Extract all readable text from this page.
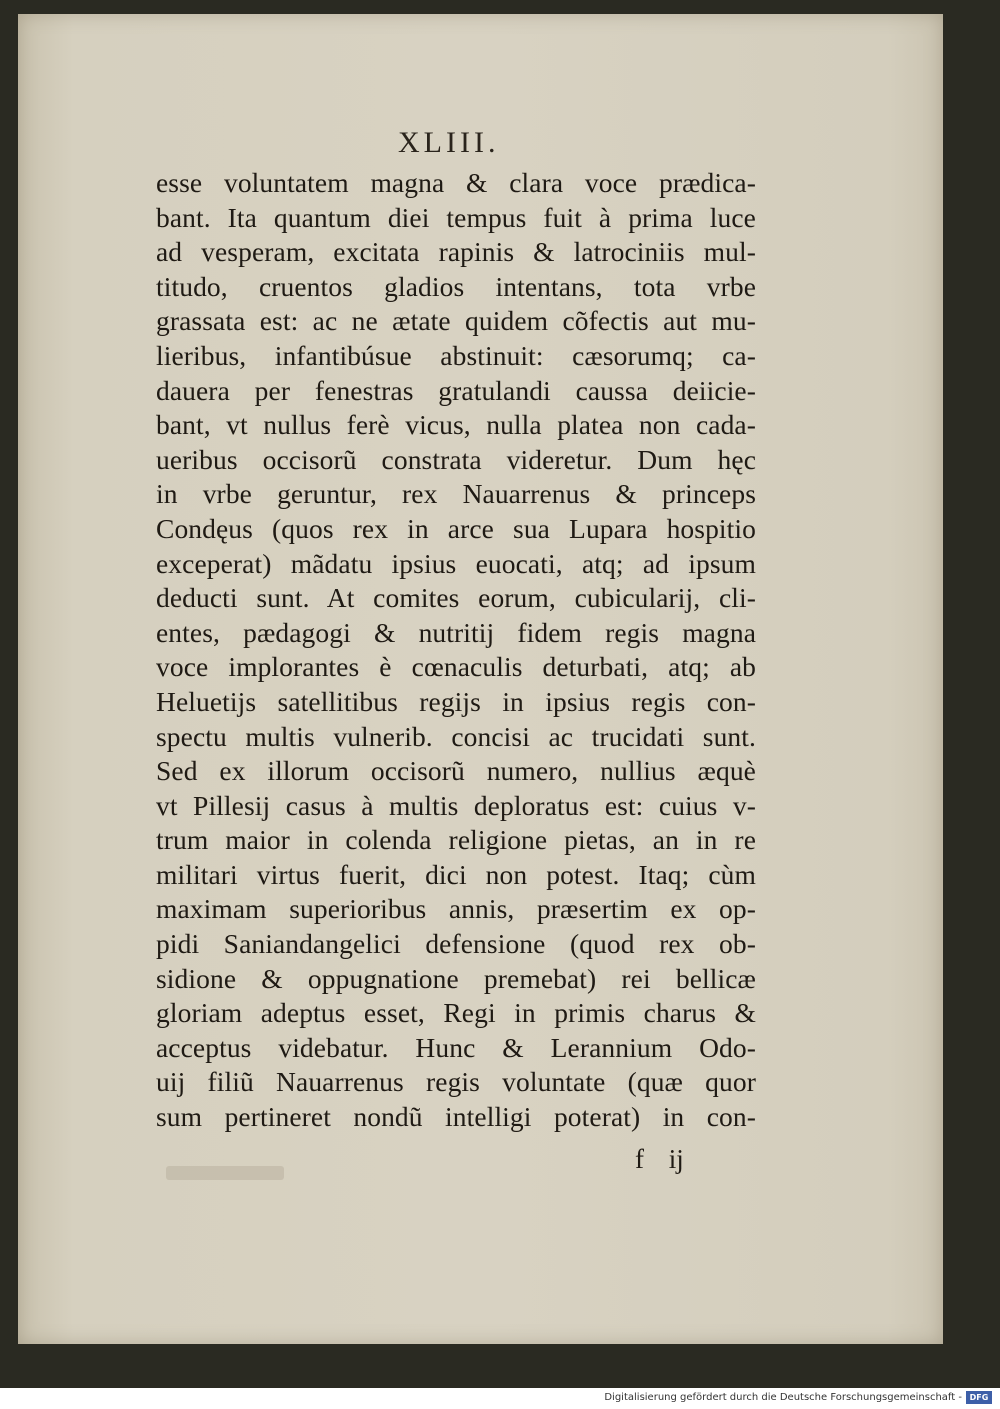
XLIII.
esse voluntatem magna & clara voce prædica-
bant. Ita quantum diei tempus fuit à prima luce
ad vesperam, excitata rapinis & latrociniis mul-
titudo, cruentos gladios intentans, tota vrbe
grassata est: ac ne ætate quidem cõfectis aut mu-
lieribus, infantibúsue abstinuit: cæsorumq; ca-
dauera per fenestras gratulandi caussa deiicie-
bant, vt nullus ferè vicus, nulla platea non cada-
ueribus occisorũ constrata videretur. Dum hęc
in vrbe geruntur, rex Nauarrenus & princeps
Condęus (quos rex in arce sua Lupara hospitio
exceperat) mãdatu ipsius euocati, atq; ad ipsum
deducti sunt. At comites eorum, cubicularij, cli-
entes, pædagogi & nutritij fidem regis magna
voce implorantes è cœnaculis deturbati, atq; ab
Heluetijs satellitibus regijs in ipsius regis con-
spectu multis vulnerib. concisi ac trucidati sunt.
Sed ex illorum occisorũ numero, nullius æquè
vt Pillesij casus à multis deploratus est: cuius v-
trum maior in colenda religione pietas, an in re
militari virtus fuerit, dici non potest. Itaq; cùm
maximam superioribus annis, præsertim ex op-
pidi Saniandangelici defensione (quod rex ob-
sidione & oppugnatione premebat) rei bellicæ
gloriam adeptus esset, Regi in primis charus &
acceptus videbatur. Hunc & Lerannium Odo-
uij filiũ Nauarrenus regis voluntate (quæ quor
sum pertineret nondũ intelligi poterat) in con-
f ij
Digitalisierung gefördert durch die Deutsche Forschungsgemeinschaft - DFG
